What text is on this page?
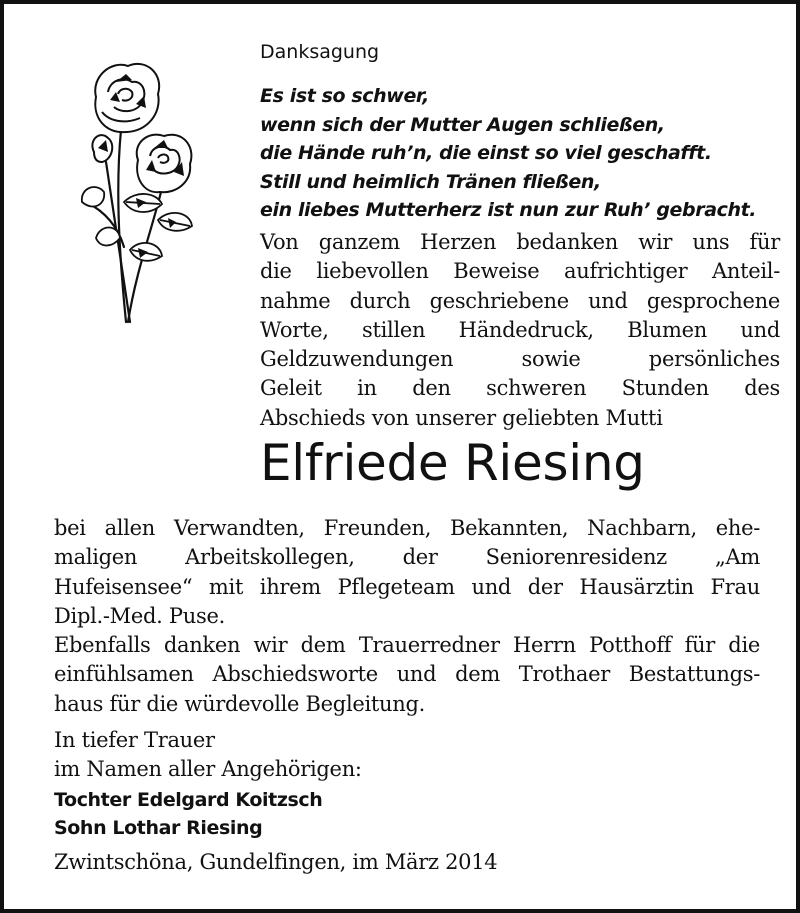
Danksagung
Es ist so schwer,
wenn sich der Mutter Augen schließen,
die Hände ruh’n, die einst so viel geschafft.
Still und heimlich Tränen fließen,
ein liebes Mutterherz ist nun zur Ruh’ gebracht.
Von ganzem Herzen bedanken wir uns für
die liebevollen Beweise aufrichtiger Anteil-
nahme durch geschriebene und gesprochene
Worte, stillen Händedruck, Blumen und
Geldzuwendungen sowie persönliches
Geleit in den schweren Stunden des
Abschieds von unserer geliebten Mutti
Elfriede Riesing
bei allen Verwandten, Freunden, Bekannten, Nachbarn, ehe-
maligen Arbeitskollegen, der Seniorenresidenz „Am
Hufeisensee“ mit ihrem Pflegeteam und der Hausärztin Frau
Dipl.-Med. Puse.
Ebenfalls danken wir dem Trauerredner Herrn Potthoff für die
einfühlsamen Abschiedsworte und dem Trothaer Bestattungs-
haus für die würdevolle Begleitung.
In tiefer Trauer
im Namen aller Angehörigen:
Tochter Edelgard Koitzsch
Sohn Lothar Riesing
Zwintschöna, Gundelfingen, im März 2014
